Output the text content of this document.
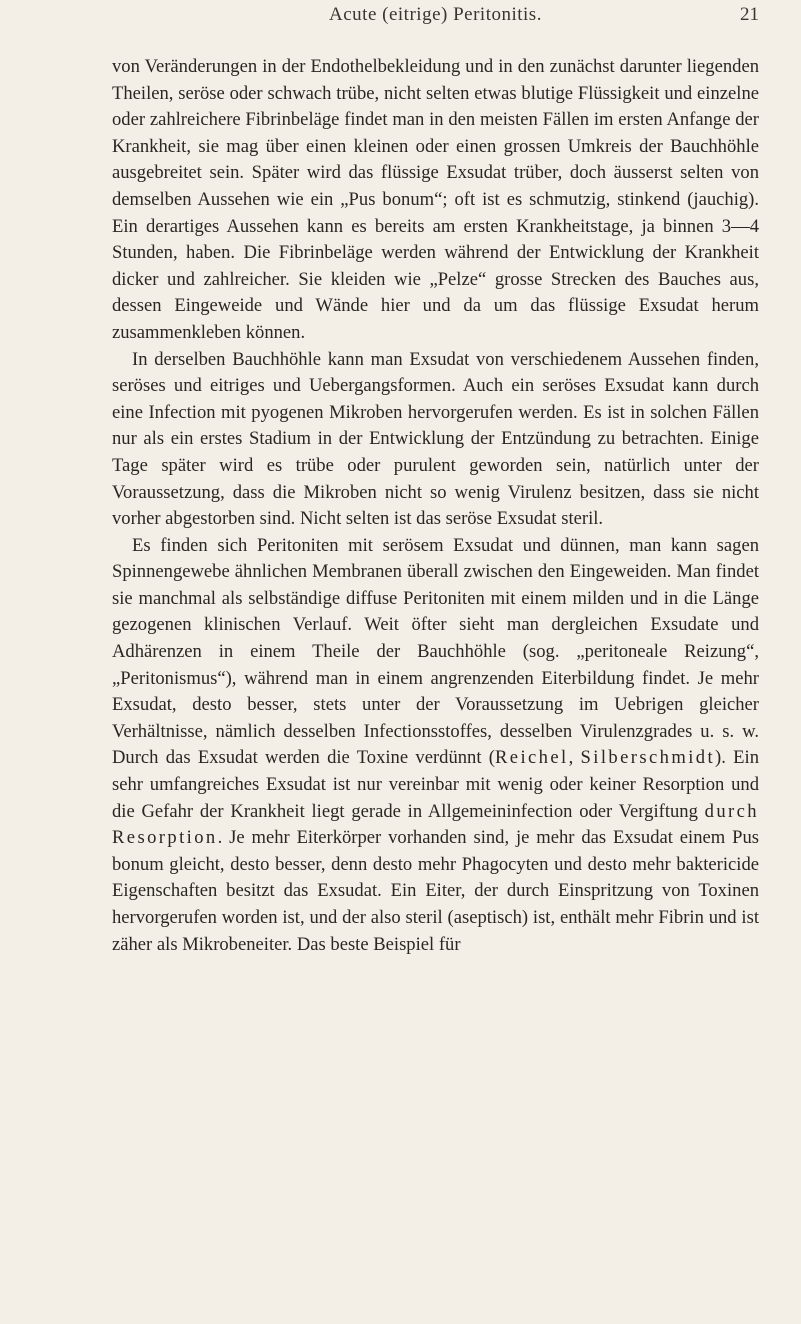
Acute (eitrige) Peritonitis.	21

von Veränderungen in der Endothelbekleidung und in den zunächst darunter liegenden Theilen, seröse oder schwach trübe, nicht selten etwas blutige Flüssigkeit und einzelne oder zahlreichere Fibrinbeläge findet man in den meisten Fällen im ersten Anfange der Krankheit, sie mag über einen kleinen oder einen grossen Umkreis der Bauchhöhle ausgebreitet sein. Später wird das flüssige Exsudat trüber, doch äusserst selten von demselben Aussehen wie ein „Pus bonum“; oft ist es schmutzig, stinkend (jauchig). Ein derartiges Aussehen kann es bereits am ersten Krankheitstage, ja binnen 3—4 Stunden, haben. Die Fibrinbeläge werden während der Entwicklung der Krankheit dicker und zahlreicher. Sie kleiden wie „Pelze“ grosse Strecken des Bauches aus, dessen Eingeweide und Wände hier und da um das flüssige Exsudat herum zusammenkleben können.

In derselben Bauchhöhle kann man Exsudat von verschiedenem Aussehen finden, seröses und eitriges und Uebergangsformen. Auch ein seröses Exsudat kann durch eine Infection mit pyogenen Mikroben hervorgerufen werden. Es ist in solchen Fällen nur als ein erstes Stadium in der Entwicklung der Entzündung zu betrachten. Einige Tage später wird es trübe oder purulent geworden sein, natürlich unter der Voraussetzung, dass die Mikroben nicht so wenig Virulenz besitzen, dass sie nicht vorher abgestorben sind. Nicht selten ist das seröse Exsudat steril.

Es finden sich Peritoniten mit serösem Exsudat und dünnen, man kann sagen Spinnengewebe ähnlichen Membranen überall zwischen den Eingeweiden. Man findet sie manchmal als selbständige diffuse Peritoniten mit einem milden und in die Länge gezogenen klinischen Verlauf. Weit öfter sieht man dergleichen Exsudate und Adhärenzen in einem Theile der Bauchhöhle (sog. „peritoneale Reizung“, „Peritonismus“), während man in einem angrenzenden Eiterbildung findet. Je mehr Exsudat, desto besser, stets unter der Voraussetzung im Uebrigen gleicher Verhältnisse, nämlich desselben Infectionsstoffes, desselben Virulenzgrades u. s. w. Durch das Exsudat werden die Toxine verdünnt (Reichel, Silberschmidt). Ein sehr umfangreiches Exsudat ist nur vereinbar mit wenig oder keiner Resorption und die Gefahr der Krankheit liegt gerade in Allgemeininfection oder Vergiftung durch Resorption. Je mehr Eiterkörper vorhanden sind, je mehr das Exsudat einem Pus bonum gleicht, desto besser, denn desto mehr Phagocyten und desto mehr baktericide Eigenschaften besitzt das Exsudat. Ein Eiter, der durch Einspritzung von Toxinen hervorgerufen worden ist, und der also steril (aseptisch) ist, enthält mehr Fibrin und ist zäher als Mikrobeneiter. Das beste Beispiel für
